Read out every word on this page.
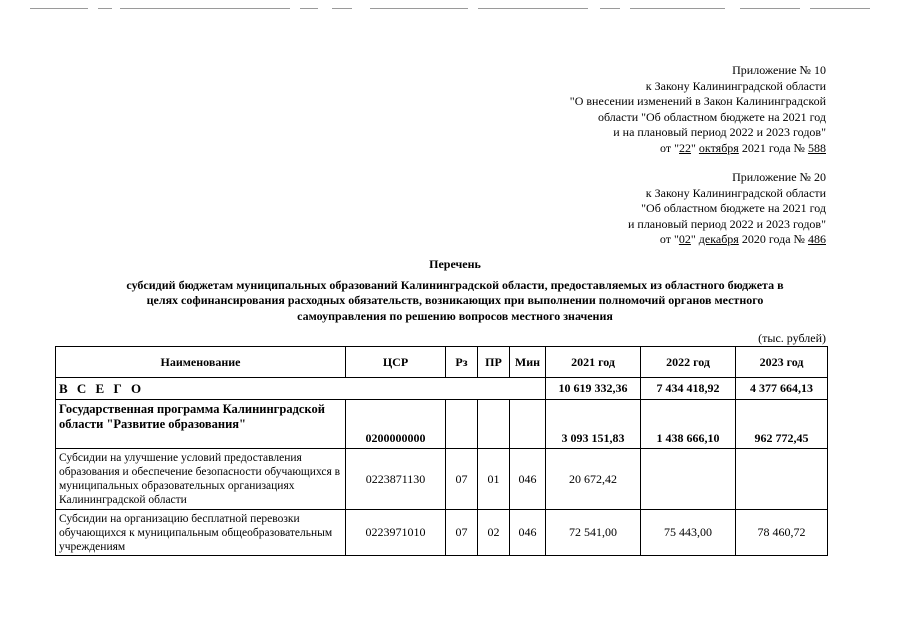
Приложение № 10
к Закону Калининградской области
"О внесении изменений в Закон Калининградской
области "Об областном бюджете на 2021 год
и на плановый период 2022 и 2023 годов"
от "22" октября 2021 года № 588
Приложение № 20
к Закону Калининградской области
"Об областном бюджете на 2021 год
и плановый период 2022 и 2023 годов"
от "02" декабря 2020 года № 486
Перечень
субсидий бюджетам муниципальных образований Калининградской области, предоставляемых из областного бюджета в
целях софинансирования расходных обязательств, возникающих при выполнении полномочий органов местного
самоуправления по решению вопросов местного значения
(тыс. рублей)
Наименование	ЦСР	Рз	ПР	Мин	2021 год	2022 год	2023 год
В С Е Г О					10 619 332,36	7 434 418,92	4 377 664,13
Государственная программа Калининградской области "Развитие образования"	0200000000				3 093 151,83	1 438 666,10	962 772,45
Субсидии на улучшение условий предоставления образования и обеспечение безопасности обучающихся в муниципальных образовательных организациях Калининградской области	0223871130	07	01	046	20 672,42		
Субсидии на организацию бесплатной перевозки обучающихся к муниципальным общеобразовательным учреждениям	0223971010	07	02	046	72 541,00	75 443,00	78 460,72
